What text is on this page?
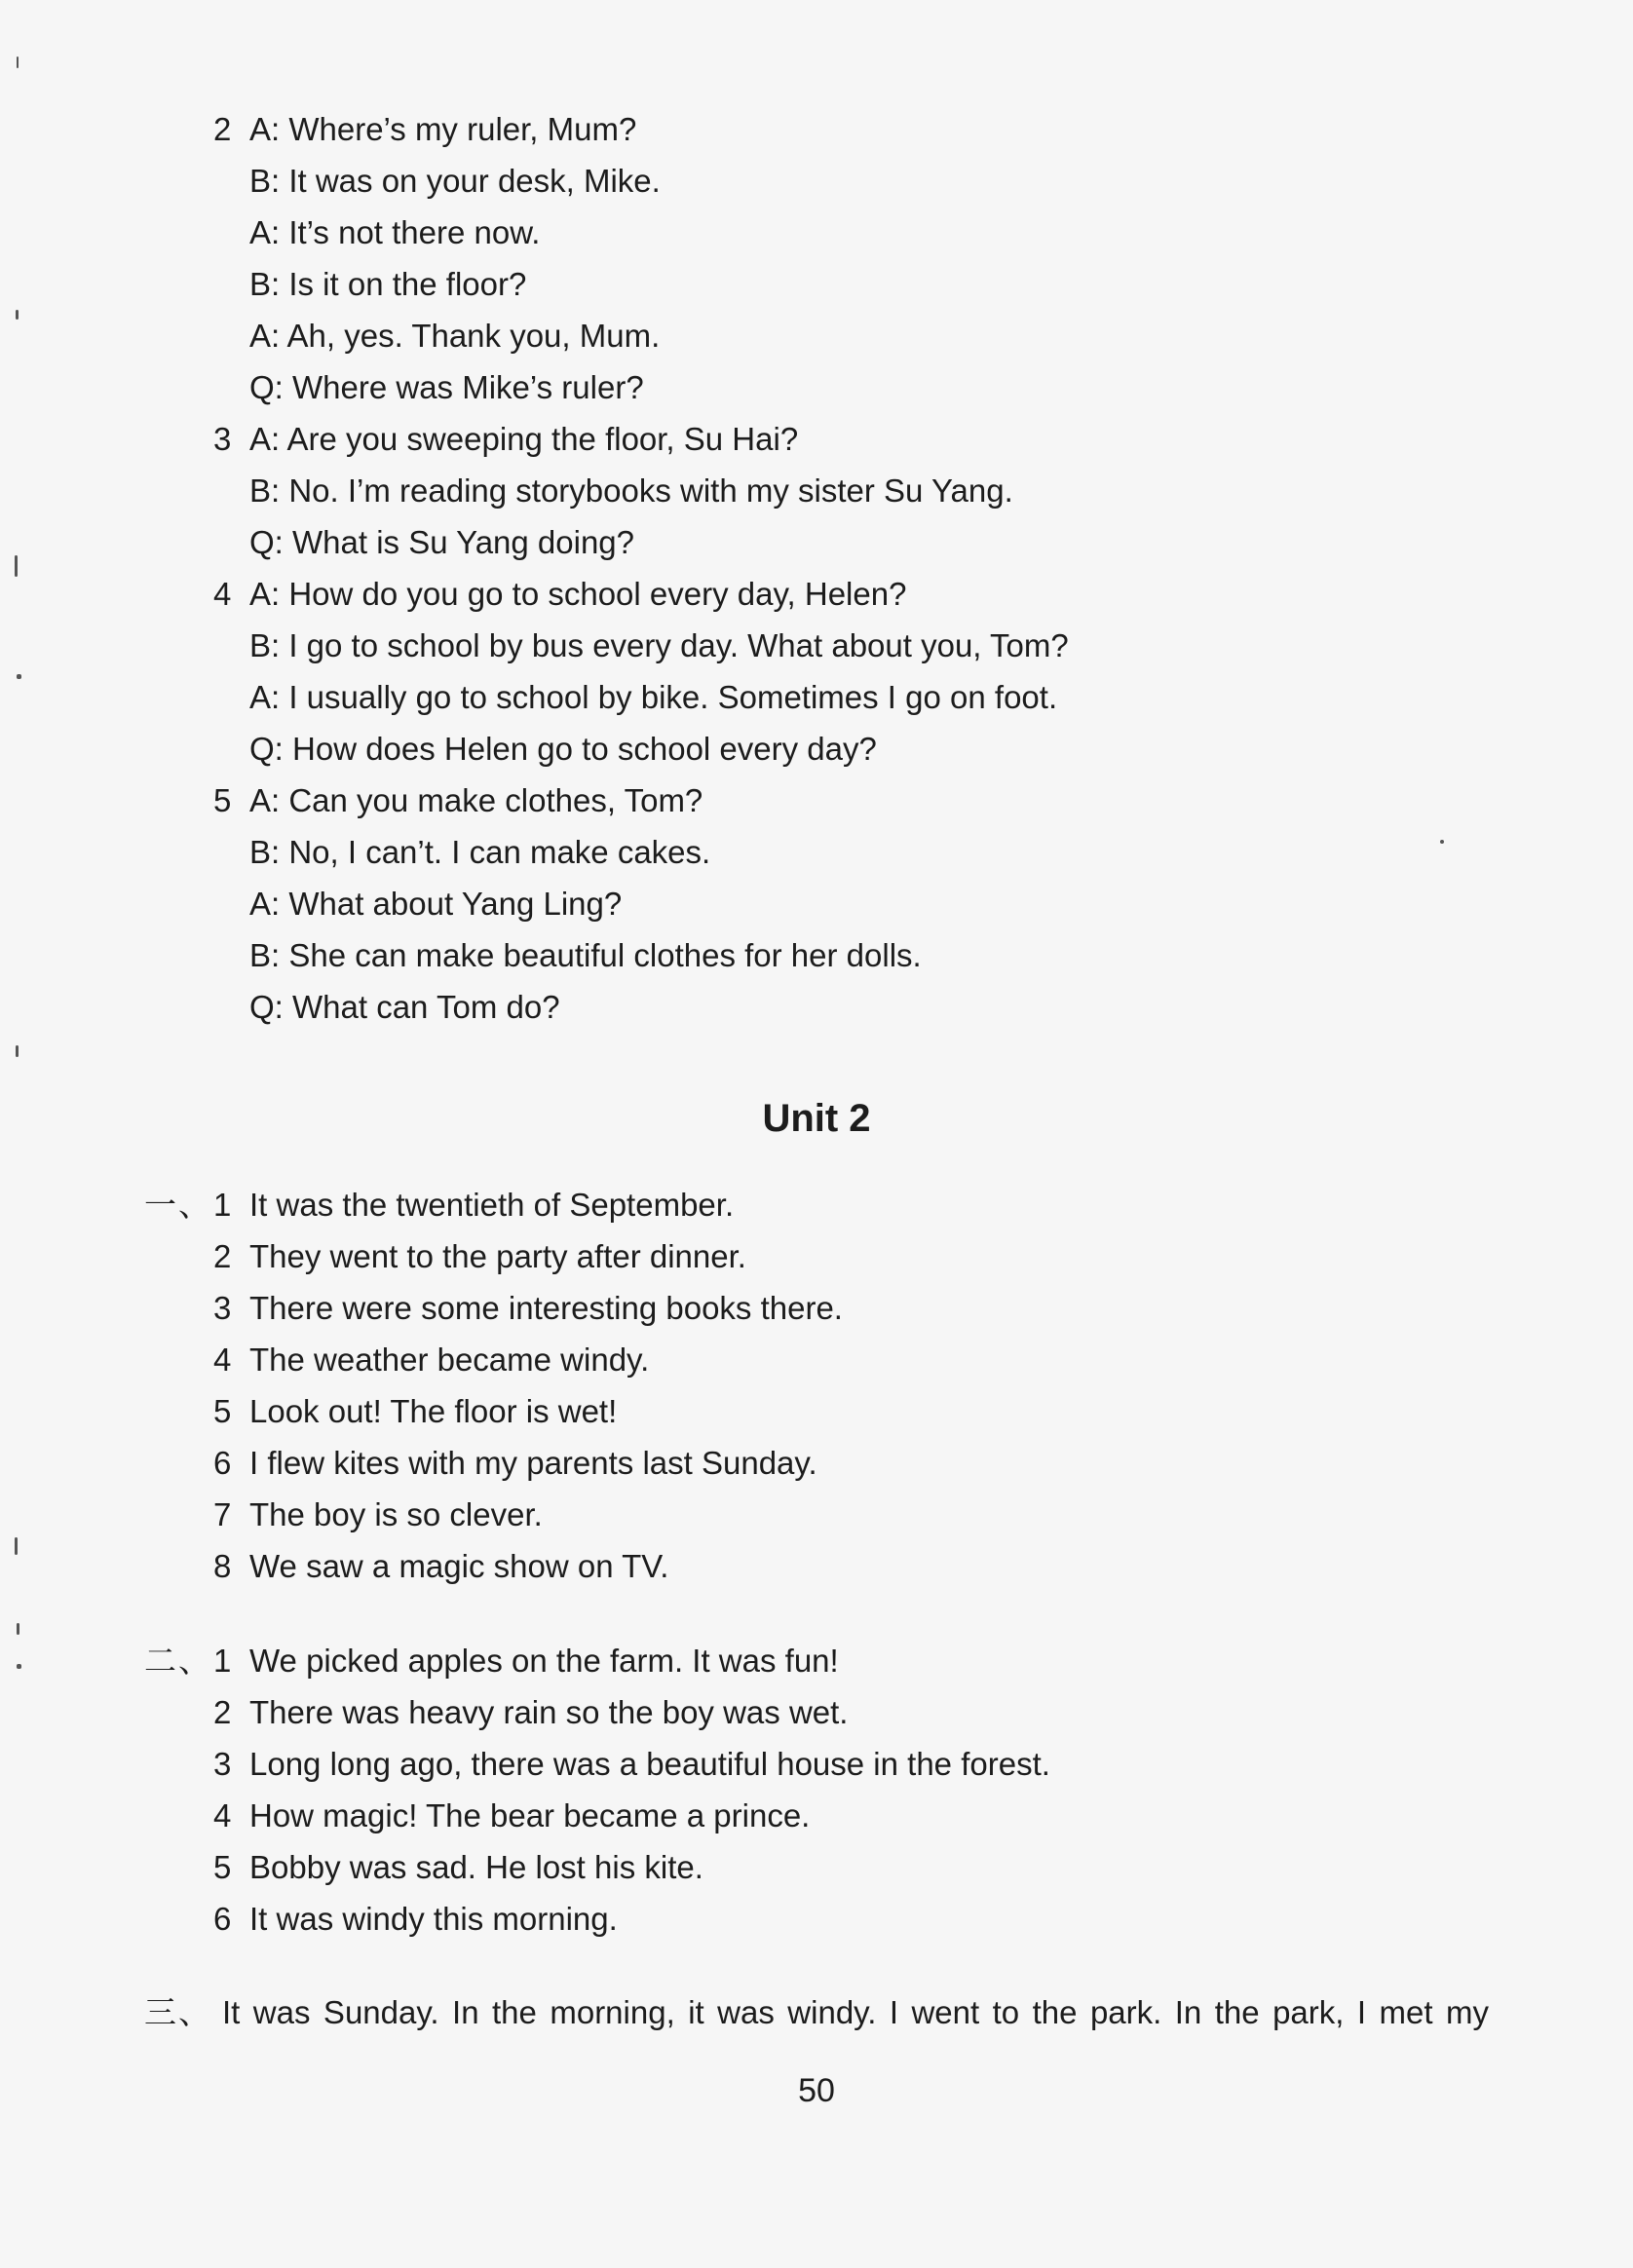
2 A: Where’s my ruler, Mum?
B: It was on your desk, Mike.
A: It’s not there now.
B: Is it on the floor?
A: Ah, yes. Thank you, Mum.
Q: Where was Mike’s ruler?
3 A: Are you sweeping the floor, Su Hai?
B: No. I’m reading storybooks with my sister Su Yang.
Q: What is Su Yang doing?
4 A: How do you go to school every day, Helen?
B: I go to school by bus every day. What about you, Tom?
A: I usually go to school by bike. Sometimes I go on foot.
Q: How does Helen go to school every day?
5 A: Can you make clothes, Tom?
B: No, I can’t. I can make cakes.
A: What about Yang Ling?
B: She can make beautiful clothes for her dolls.
Q: What can Tom do?
Unit 2
一、 1 It was the twentieth of September.
2 They went to the party after dinner.
3 There were some interesting books there.
4 The weather became windy.
5 Look out! The floor is wet!
6 I flew kites with my parents last Sunday.
7 The boy is so clever.
8 We saw a magic show on TV.
二、 1 We picked apples on the farm. It was fun!
2 There was heavy rain so the boy was wet.
3 Long long ago, there was a beautiful house in the forest.
4 How magic! The bear became a prince.
5 Bobby was sad. He lost his kite.
6 It was windy this morning.
三、 It was Sunday. In the morning, it was windy. I went to the park. In the park, I met my
50
